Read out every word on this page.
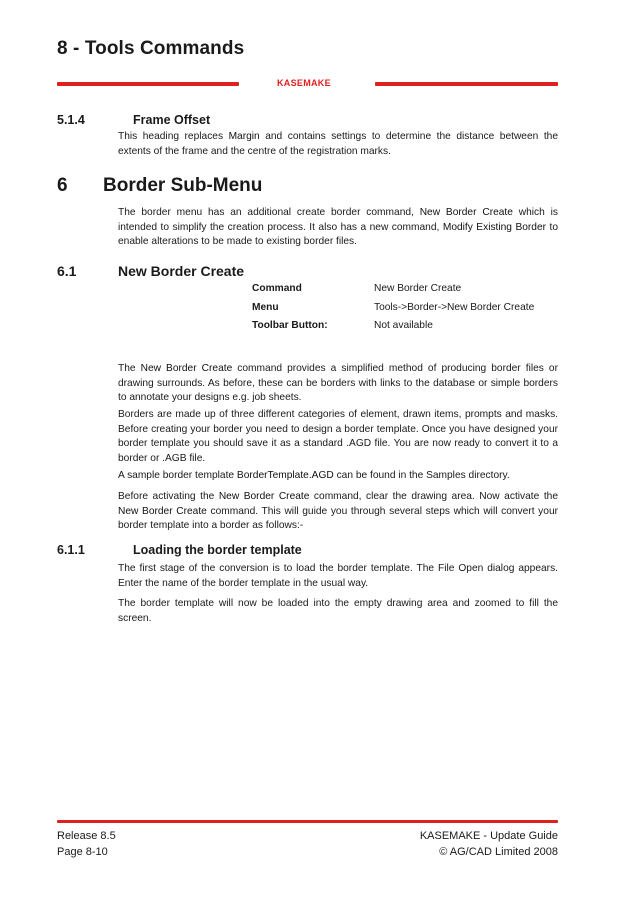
8 - Tools Commands
KASEMAKE
5.1.4	Frame Offset
This heading replaces Margin and contains settings to determine the distance between the extents of the frame and the centre of the registration marks.
6 Border Sub-Menu
The border menu has an additional create border command, New Border Create which is intended to simplify the creation process. It also has a new command, Modify Existing Border to enable alterations to be made to existing border files.
6.1	New Border Create
Command	New Border Create
Menu	Tools->Border->New Border Create
Toolbar Button:	Not available
The New Border Create command provides a simplified method of producing border files or drawing surrounds. As before, these can be borders with links to the database or simple borders to annotate your designs e.g. job sheets.
Borders are made up of three different categories of element, drawn items, prompts and masks. Before creating your border you need to design a border template. Once you have designed your border template you should save it as a standard .AGD file. You are now ready to convert it to a border or .AGB file.
A sample border template BorderTemplate.AGD can be found in the Samples directory.
Before activating the New Border Create command, clear the drawing area. Now activate the New Border Create command. This will guide you through several steps which will convert your border template into a border as follows:-
6.1.1	Loading the border template
The first stage of the conversion is to load the border template. The File Open dialog appears. Enter the name of the border template in the usual way.
The border template will now be loaded into the empty drawing area and zoomed to fill the screen.
Release 8.5
Page 8-10
KASEMAKE - Update Guide
© AG/CAD Limited 2008
